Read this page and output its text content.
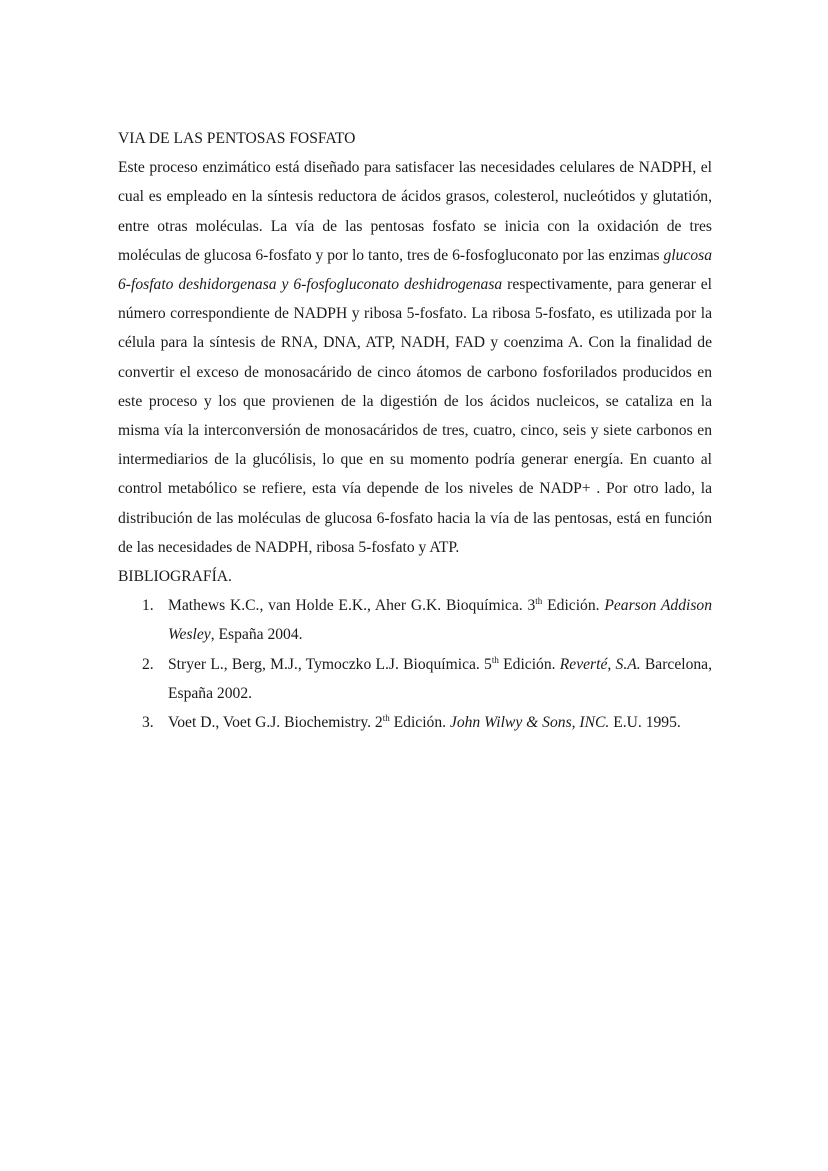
VIA DE LAS PENTOSAS FOSFATO

Este proceso enzimático está diseñado para satisfacer las necesidades celulares de NADPH, el cual es empleado en la síntesis reductora de ácidos grasos, colesterol, nucleótidos y glutatión, entre otras moléculas. La vía de las pentosas fosfato se inicia con la oxidación de tres moléculas de glucosa 6-fosfato y por lo tanto, tres de 6-fosfogluconato por las enzimas glucosa 6-fosfato deshidorgenasa y 6-fosfogluconato deshidrogenasa respectivamente, para generar el número correspondiente de NADPH y ribosa 5-fosfato. La ribosa 5-fosfato, es utilizada por la célula para la síntesis de RNA, DNA, ATP, NADH, FAD y coenzima A. Con la finalidad de convertir el exceso de monosacárido de cinco átomos de carbono fosforilados producidos en este proceso y los que provienen de la digestión de los ácidos nucleicos, se cataliza en la misma vía la interconversión de monosacáridos de tres, cuatro, cinco, seis y siete carbonos en intermediarios de la glucólisis, lo que en su momento podría generar energía. En cuanto al control metabólico se refiere, esta vía depende de los niveles de NADP+ . Por otro lado, la distribución de las moléculas de glucosa 6-fosfato hacia la vía de las pentosas, está en función de las necesidades de NADPH, ribosa 5-fosfato y ATP.

BIBLIOGRAFÍA.
1. Mathews K.C., van Holde E.K., Aher G.K. Bioquímica. 3th Edición. Pearson Addison Wesley, España 2004.
2. Stryer L., Berg, M.J., Tymoczko L.J. Bioquímica. 5th Edición. Reverté, S.A. Barcelona, España 2002.
3. Voet D., Voet G.J. Biochemistry. 2th Edición. John Wilwy & Sons, INC. E.U. 1995.
